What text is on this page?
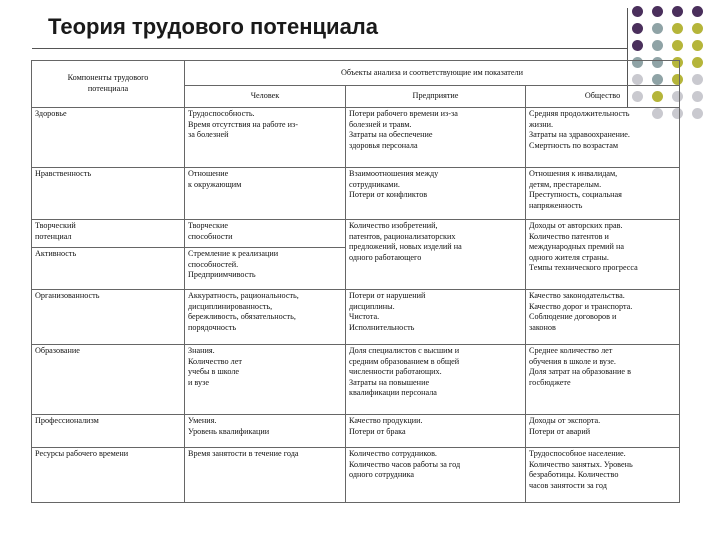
Теория трудового потенциала
Компоненты трудового
потенциала	Объекты анализа и соответствующие им показатели		
	Человек	Предприятие	Общество
Здоровье	Трудоспособность.
Время отсутствия на работе из-
за болезней	Потери рабочего времени из-за
болезней и травм.
Затраты на обеспечение
здоровья персонала	Средняя продолжительность
жизни.
Затраты на здравоохранение.
Смертность по возрастам
Нравственность	Отношение
к окружающим	Взаимоотношения между
сотрудниками.
Потери от конфликтов	Отношения к инвалидам,
детям, престарелым.
Преступность, социальная
напряженность
Творческий
потенциал	Творческие
способности	Количество изобретений,
патентов, рационализаторских
предложений, новых изделий на
одного работающего	Доходы от авторских прав.
Количество патентов и
международных премий на
одного жителя страны.
Темпы технического прогресса
Активность	Стремление к реализации
способностей.
Предприимчивость		
Организованность	Аккуратность, рациональность,
дисциплинированность,
бережливость, обязательность,
порядочность	Потери от нарушений
дисциплины.
Чистота.
Исполнительность	Качество законодательства.
Качество дорог и транспорта.
Соблюдение договоров и
законов
Образование	Знания.
Количество лет
учебы в школе
и вузе	Доля специалистов с высшим и
средним образованием в общей
численности работающих.
Затраты на повышение
квалификации персонала	Среднее количество лет
обучения в школе и вузе.
Доля затрат на образование в
госбюджете
Профессионализм	Умения.
Уровень квалификации	Качество продукции.
Потери от брака	Доходы от экспорта.
Потери от аварий
Ресурсы рабочего времени	Время занятости в течение года	Количество сотрудников.
Количество часов работы за год
одного сотрудника	Трудоспособное население.
Количество занятых. Уровень
безработицы. Количество
часов занятости за год
